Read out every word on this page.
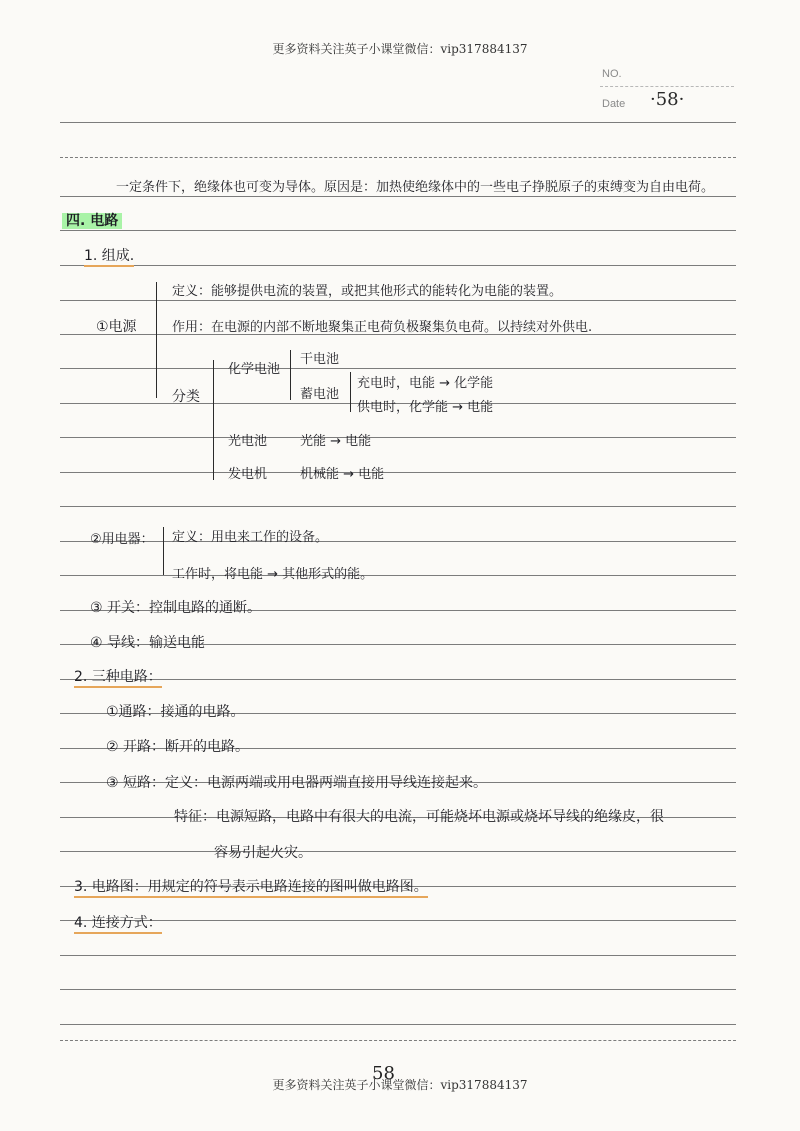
更多资料关注英子小课堂微信：vip317884137
NO.
Date ·58·
一定条件下，绝缘体也可变为导体。原因是：加热使绝缘体中的一些电子挣脱原子的束缚变为自由电荷。
四. 电路
1. 组成.
①电源
定义：能够提供电流的装置，或把其他形式的能转化为电能的装置。
作用：在电源的内部不断地聚集正电荷负极聚集负电荷。以持续对外供电.
分类
化学电池
干电池
蓄电池
充电时，电能 → 化学能
供电时，化学能 → 电能
光电池	光能 → 电能
发电机	机械能 → 电能
②用电器： 定义：用电来工作的设备。
工作时，将电能 → 其他形式的能。
③ 开关：控制电路的通断。
④ 导线：输送电能
2. 三种电路：
①通路：接通的电路。
② 开路：断开的电路。
③ 短路：定义：电源两端或用电器两端直接用导线连接起来。
特征：电源短路，电路中有很大的电流，可能烧坏电源或烧坏导线的绝缘皮，很
容易引起火灾。
3. 电路图：用规定的符号表示电路连接的图叫做电路图。
4. 连接方式：
58
更多资料关注英子小课堂微信：vip317884137
